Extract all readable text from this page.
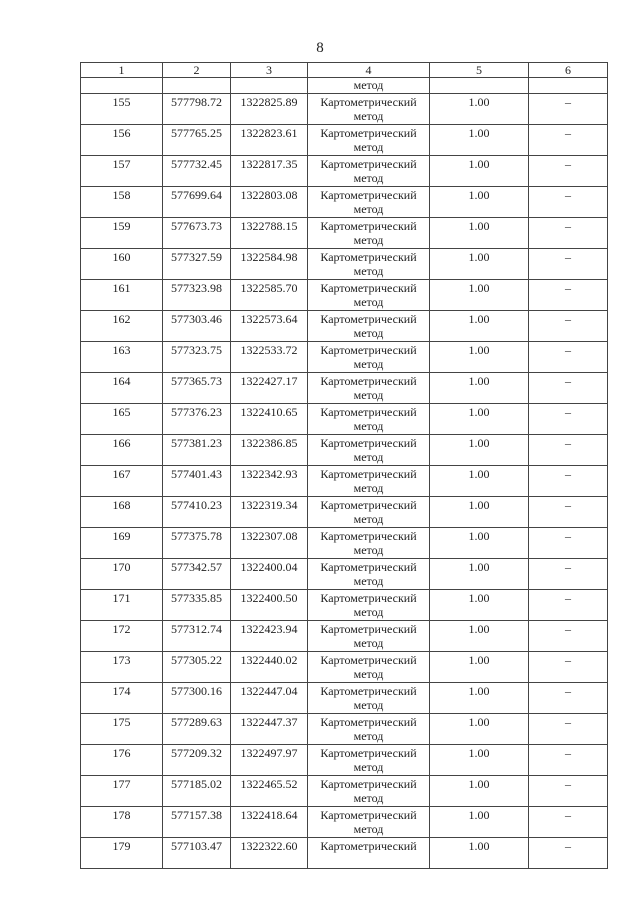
8
1	2	3	4	5	6
			метод		
155	577798.72	1322825.89	Картометрический метод	1.00	–
156	577765.25	1322823.61	Картометрический метод	1.00	–
157	577732.45	1322817.35	Картометрический метод	1.00	–
158	577699.64	1322803.08	Картометрический метод	1.00	–
159	577673.73	1322788.15	Картометрический метод	1.00	–
160	577327.59	1322584.98	Картометрический метод	1.00	–
161	577323.98	1322585.70	Картометрический метод	1.00	–
162	577303.46	1322573.64	Картометрический метод	1.00	–
163	577323.75	1322533.72	Картометрический метод	1.00	–
164	577365.73	1322427.17	Картометрический метод	1.00	–
165	577376.23	1322410.65	Картометрический метод	1.00	–
166	577381.23	1322386.85	Картометрический метод	1.00	–
167	577401.43	1322342.93	Картометрический метод	1.00	–
168	577410.23	1322319.34	Картометрический метод	1.00	–
169	577375.78	1322307.08	Картометрический метод	1.00	–
170	577342.57	1322400.04	Картометрический метод	1.00	–
171	577335.85	1322400.50	Картометрический метод	1.00	–
172	577312.74	1322423.94	Картометрический метод	1.00	–
173	577305.22	1322440.02	Картометрический метод	1.00	–
174	577300.16	1322447.04	Картометрический метод	1.00	–
175	577289.63	1322447.37	Картометрический метод	1.00	–
176	577209.32	1322497.97	Картометрический метод	1.00	–
177	577185.02	1322465.52	Картометрический метод	1.00	–
178	577157.38	1322418.64	Картометрический метод	1.00	–
179	577103.47	1322322.60	Картометрический	1.00	–
